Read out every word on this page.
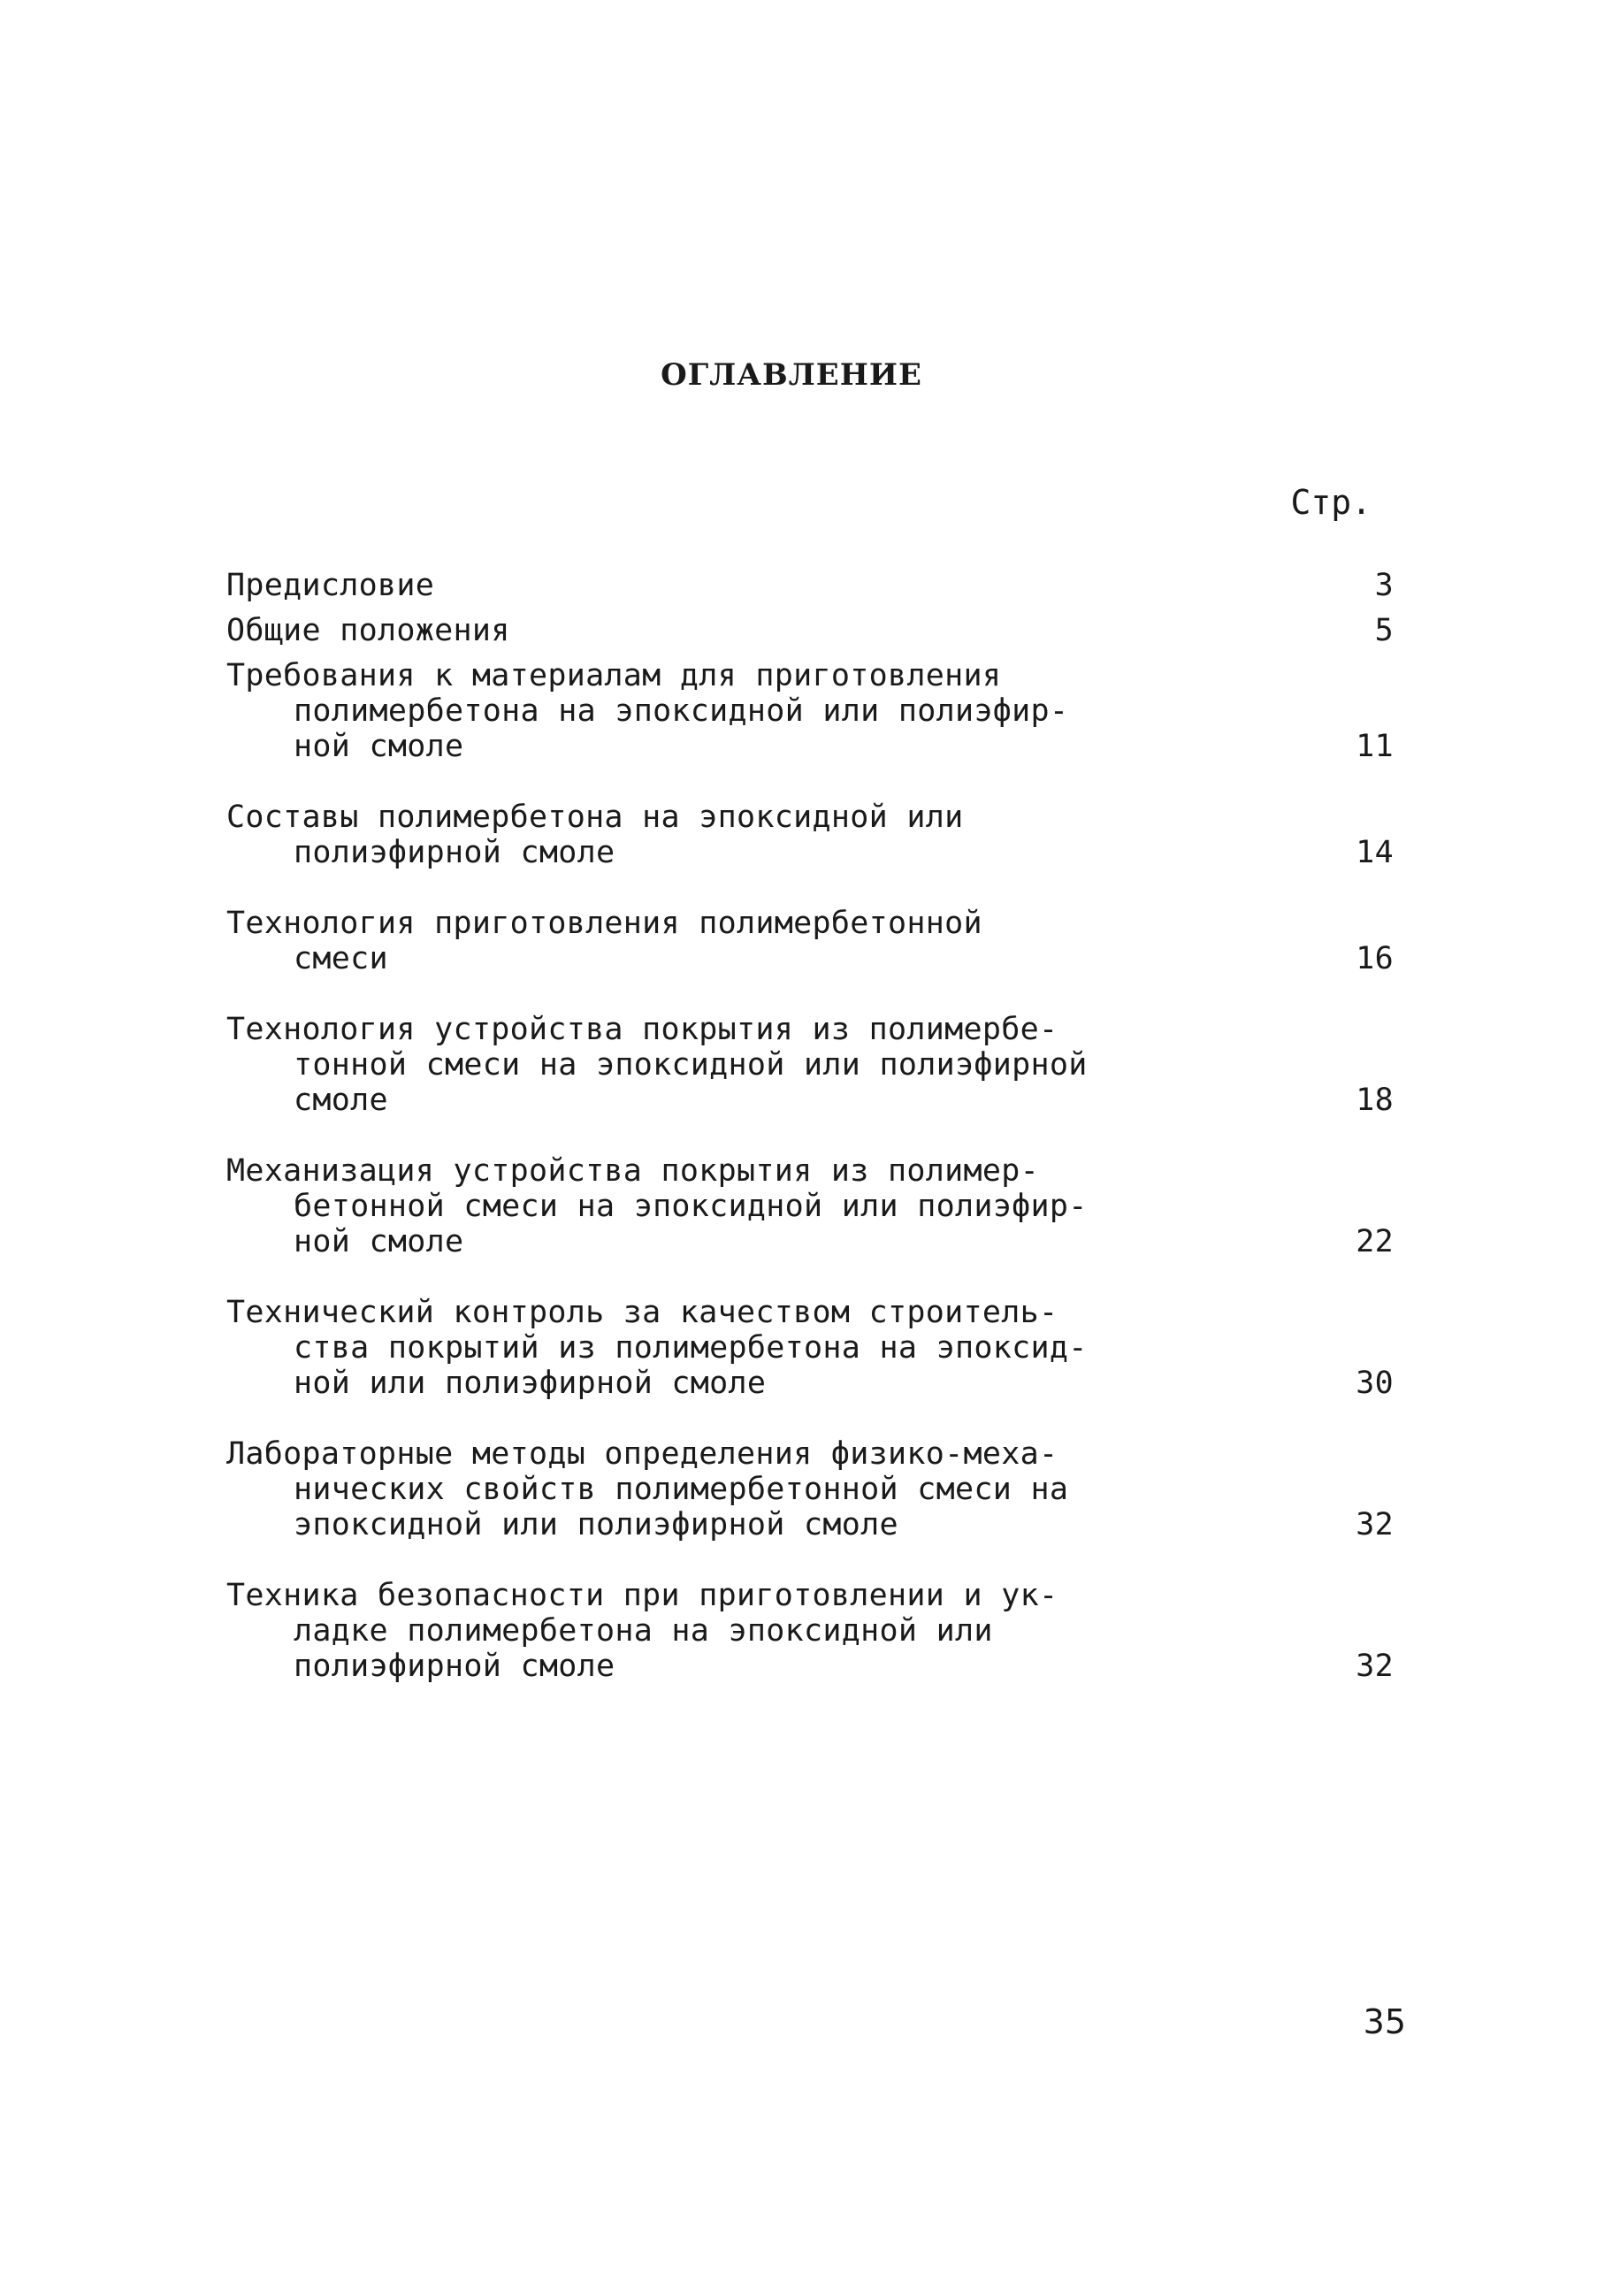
ОГЛАВЛЕНИЕ
Стр.
Предисловие	3
Общие положения	5
Требования к материалам для приготовления
полимербетона на эпоксидной или полиэфир-
ной смоле	11
Составы полимербетона на эпоксидной или
полиэфирной смоле	14
Технология приготовления полимербетонной
смеси	16
Технология устройства покрытия из полимербе-
тонной смеси на эпоксидной или полиэфирной
смоле	18
Механизация устройства покрытия из полимер-
бетонной смеси на эпоксидной или полиэфир-
ной смоле	22
Технический контроль за качеством строитель-
ства покрытий из полимербетона на эпоксид-
ной или полиэфирной смоле	30
Лабораторные методы определения физико-меха-
нических свойств полимербетонной смеси на
эпоксидной или полиэфирной смоле	32
Техника безопасности при приготовлении и ук-
ладке полимербетона на эпоксидной или
полиэфирной смоле	32
35
